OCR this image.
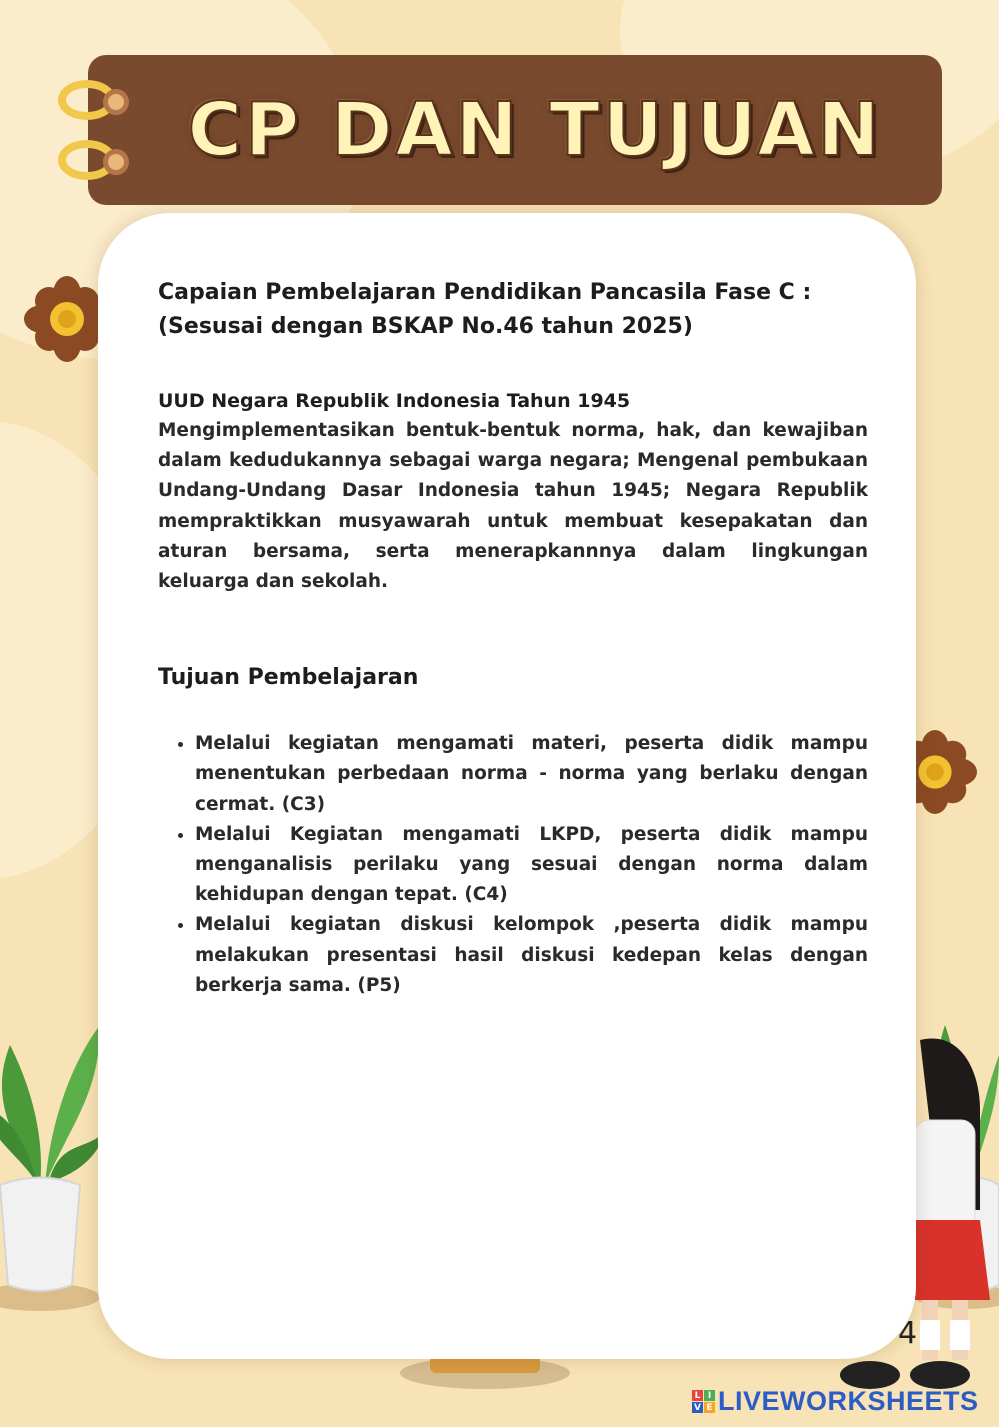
CP DAN TUJUAN

Capaian Pembelajaran Pendidikan Pancasila Fase C :
(Sesusai dengan BSKAP No.46 tahun 2025)

UUD Negara Republik Indonesia Tahun 1945

Mengimplementasikan bentuk-bentuk norma, hak, dan kewajiban dalam kedudukannya sebagai warga negara; Mengenal pembukaan Undang-Undang Dasar Indonesia tahun 1945; Negara Republik mempraktikkan musyawarah untuk membuat kesepakatan dan aturan bersama, serta menerapkannnya dalam lingkungan keluarga dan sekolah.

Tujuan Pembelajaran

• Melalui kegiatan mengamati materi, peserta didik mampu menentukan perbedaan norma - norma yang berlaku dengan cermat. (C3)
• Melalui Kegiatan mengamati LKPD, peserta didik mampu menganalisis perilaku yang sesuai dengan norma dalam kehidupan dengan tepat. (C4)
• Melalui kegiatan diskusi kelompok ,peserta didik mampu melakukan presentasi hasil diskusi kedepan kelas dengan berkerja sama. (P5)
4
L I
V E LIVEWORKSHEETS
